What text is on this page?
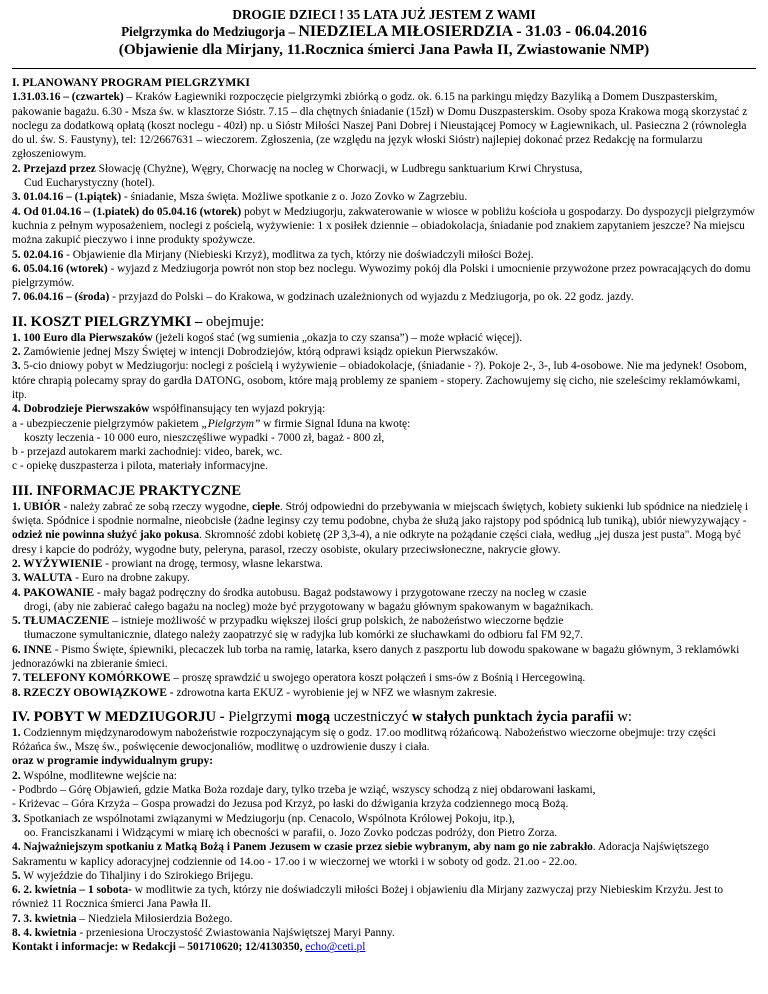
DROGIE DZIECI ! 35 LATA JUŻ JESTEM Z WAMI
Pielgrzymka do Medziugorja – NIEDZIELA MIŁOSIERDZIA - 31.03 - 06.04.2016
(Objawienie dla Mirjany, 11.Rocznica śmierci Jana Pawła II, Zwiastowanie NMP)
I. PLANOWANY PROGRAM PIELGRZYMKI

1.31.03.16 – (czwartek) – Kraków Łagiewniki rozpoczęcie pielgrzymki zbiórką o godz. ok. 6.15 na parkingu między Bazyliką a Domem Duszpasterskim, pakowanie bagażu. 6.30 - Msza św. w klasztorze Sióstr. 7.15 – dla chętnych śniadanie (15zł) w Domu Duszpasterskim. Osoby spoza Krakowa mogą skorzystać z noclegu za dodatkową opłatą (koszt noclegu - 40zł) np. u Sióstr Miłości Naszej Pani Dobrej i Nieustającej Pomocy w Łagiewnikach, ul. Pasieczna 2 (równoległa do ul. św. S. Faustyny), tel: 12/2667631 – wieczorem. Zgłoszenia, (ze względu na język włoski Sióstr) najlepiej dokonać przez Redakcję na formularzu zgłoszeniowym.

2. Przejazd przez Słowację (Chyżne), Węgry, Chorwację na nocleg w Chorwacji, w Ludbregu sanktuarium Krwi Chrystusa,

Cud Eucharystyczny (hotel).

3. 01.04.16 – (1.piątek) - śniadanie, Msza święta. Możliwe spotkanie z o. Jozo Zovko w Zagrzebiu.

4. Od 01.04.16 – (1.piatek) do 05.04.16 (wtorek) pobyt w Medziugorju, zakwaterowanie w wiosce w pobliżu kościoła u gospodarzy. Do dyspozycji pielgrzymów kuchnia z pełnym wyposażeniem, noclegi z pościelą, wyżywienie: 1 x posiłek dziennie – obiadokolacja, śniadanie pod znakiem zapytaniem jeszcze? Na miejscu można zakupić pieczywo i inne produkty spożywcze.

5. 02.04.16 - Objawienie dla Mirjany (Niebieski Krzyż), modlitwa za tych, którzy nie doświadczyli miłości Bożej.

6. 05.04.16 (wtorek) - wyjazd z Medziugorja powrót non stop bez noclegu. Wywozimy pokój dla Polski i umocnienie przywożone przez powracających do domu pielgrzymów.

7. 06.04.16 – (środa) - przyjazd do Polski – do Krakowa, w godzinach uzależnionych od wyjazdu z Medziugorja, po ok. 22 godz. jazdy.

II. KOSZT PIELGRZYMKI – obejmuje:

1. 100 Euro dla Pierwszaków (jeżeli kogoś stać (wg sumienia „okazja to czy szansa”) – może wpłacić więcej).

2. Zamówienie jednej Mszy Świętej w intencji Dobrodziejów, którą odprawi ksiądz opiekun Pierwszaków.

3. 5-cio dniowy pobyt w Medziugorju: noclegi z pościelą i wyżywienie – obiadokolacje, (śniadanie - ?). Pokoje 2-, 3-, lub 4-osobowe. Nie ma jedynek! Osobom, które chrapią polecamy spray do gardła DATONG, osobom, które mają problemy ze spaniem - stopery. Zachowujemy się cicho, nie szeleścimy reklamówkami, itp.

4. Dobrodzieje Pierwszaków współfinansujący ten wyjazd pokryją:

a - ubezpieczenie pielgrzymów pakietem „Pielgrzym” w firmie Signal Iduna na kwotę:

koszty leczenia - 10 000 euro, nieszczęśliwe wypadki - 7000 zł, bagaż - 800 zł,

b - przejazd autokarem marki zachodniej: video, barek, wc.

c - opiekę duszpasterza i pilota, materiały informacyjne.

III. INFORMACJE PRAKTYCZNE

1. UBIÓR - należy zabrać ze sobą rzeczy wygodne, ciepłe. Strój odpowiedni do przebywania w miejscach świętych, kobiety sukienki lub spódnice na niedzielę i święta. Spódnice i spodnie normalne, nieobcisłe (żadne leginsy czy temu podobne, chyba że służą jako rajstopy pod spódnicą lub tuniką), ubiór niewyzywający - odzież nie powinna służyć jako pokusa. Skromność zdobi kobietę (2P 3,3-4), a nie odkryte na pożądanie części ciała, według „jej dusza jest pusta". Mogą być dresy i kapcie do podróży, wygodne buty, peleryna, parasol, rzeczy osobiste, okulary przeciwsłoneczne, nakrycie głowy.

2. WYŻYWIENIE - prowiant na drogę, termosy, własne lekarstwa.

3. WALUTA - Euro na drobne zakupy.

4. PAKOWANIE - mały bagaż podręczny do środka autobusu. Bagaż podstawowy i przygotowane rzeczy na nocleg w czasie

drogi, (aby nie zabierać całego bagażu na nocleg) może być przygotowany w bagażu głównym spakowanym w bagażnikach.

5. TŁUMACZENIE – istnieje możliwość w przypadku większej ilości grup polskich, że nabożeństwo wieczorne będzie

tłumaczone symultanicznie, dlatego należy zaopatrzyć się w radyjka lub komórki ze słuchawkami do odbioru fal FM 92,7.

6. INNE - Pismo Święte, śpiewniki, plecaczek lub torba na ramię, latarka, ksero danych z paszportu lub dowodu spakowane w bagażu głównym, 3 reklamówki jednorazówki na zbieranie śmieci.

7. TELEFONY KOMÓRKOWE – proszę sprawdzić u swojego operatora koszt połączeń i sms-ów z Bośnią i Hercegowiną.

8. RZECZY OBOWIĄZKOWE - zdrowotna karta EKUZ - wyrobienie jej w NFZ we własnym zakresie.

IV. POBYT W MEDZIUGORJU - Pielgrzymi mogą uczestniczyć w stałych punktach życia parafii w:

1. Codziennym międzynarodowym nabożeństwie rozpoczynającym się o godz. 17.oo modlitwą różańcową. Nabożeństwo wieczorne obejmuje: trzy części Różańca św., Mszę św., poświęcenie dewocjonaliów, modlitwę o uzdrowienie duszy i ciała.

oraz w programie indywidualnym grupy:

2. Wspólne, modlitewne wejście na:

- Podbrdo – Górę Objawień, gdzie Matka Boża rozdaje dary, tylko trzeba je wziąć, wszyscy schodzą z niej obdarowani łaskami,

- Kriżevac – Góra Krzyża – Gospa prowadzi do Jezusa pod Krzyż, po łaski do dźwigania krzyża codziennego mocą Bożą.

3. Spotkaniach ze wspólnotami związanymi w Medziugorju (np. Cenacolo, Wspólnota Królowej Pokoju, itp.),

oo. Franciszkanami i Widzącymi w miarę ich obecności w parafii, o. Jozo Zovko podczas podróży, don Pietro Zorza.

4. Najważniejszym spotkaniu z Matką Bożą i Panem Jezusem w czasie przez siebie wybranym, aby nam go nie zabrakło. Adoracja Najświętszego Sakramentu w kaplicy adoracyjnej codziennie od 14.oo - 17.oo i w wieczornej we wtorki i w soboty od godz. 21.oo - 22.oo.

5. W wyjeździe do Tihaljiny i do Szirokiego Brijegu.

6. 2. kwietnia – 1 sobota- w modlitwie za tych, którzy nie doświadczyli miłości Bożej i objawieniu dla Mirjany zazwyczaj przy Niebieskim Krzyżu. Jest to również 11 Rocznica śmierci Jana Pawła II.

7. 3. kwietnia – Niedziela Miłosierdzia Bożego.

8. 4. kwietnia - przeniesiona Uroczystość Zwiastowania Najświętszej Maryi Panny.

Kontakt i informacje: w Redakcji – 501710620; 12/4130350, echo@ceti.pl
